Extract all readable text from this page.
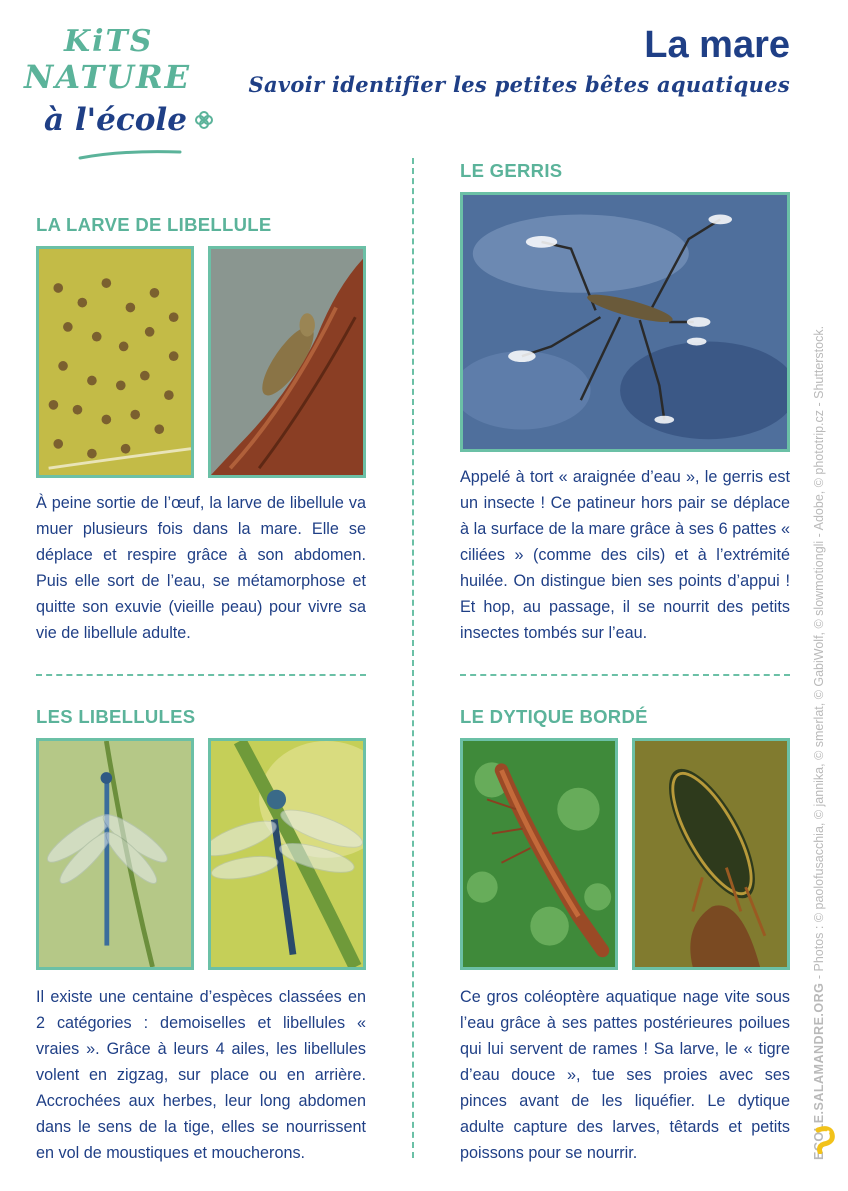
KiTS
NATURE
à l'école
La mare
Savoir identifier les petites bêtes aquatiques
LA LARVE DE LIBELLULE
À peine sortie de l’œuf, la larve de libellule va muer plusieurs fois dans la mare. Elle se déplace et respire grâce à son abdomen. Puis elle sort de l’eau, se métamorphose et quitte son exuvie (vieille peau) pour vivre sa vie de libellule adulte.
LE GERRIS
Appelé à tort « araignée d’eau », le gerris est un insecte ! Ce patineur hors pair se déplace à la surface de la mare grâce à ses 6 pattes « ciliées » (comme des cils) et à l’extrémité huilée. On distingue bien ses points d’appui ! Et hop, au passage, il se nourrit des petits insectes tombés sur l’eau.
LES LIBELLULES
Il existe une centaine d’espèces classées en 2 catégories : demoiselles et libellules « vraies ». Grâce à leurs 4 ailes, les libellules volent en zigzag, sur place ou en arrière. Accrochées aux herbes, leur long abdomen dans le sens de la tige, elles se nourrissent en vol de moustiques et moucherons.
LE DYTIQUE BORDÉ
Ce gros coléoptère aquatique nage vite sous l’eau grâce à ses pattes postérieures poilues qui lui servent de rames ! Sa larve, le « tigre d’eau douce », tue ses proies avec ses pinces avant de les liquéfier. Le dytique adulte capture des larves, têtards et petits poissons pour se nourrir.	ECOLE.SALAMANDRE.ORG - Photos : © paolofusacchia, © jannika, © smerlat, © GabiWolf, © slowmotiongli - Adobe, © phototrip.cz - Shutterstock.
